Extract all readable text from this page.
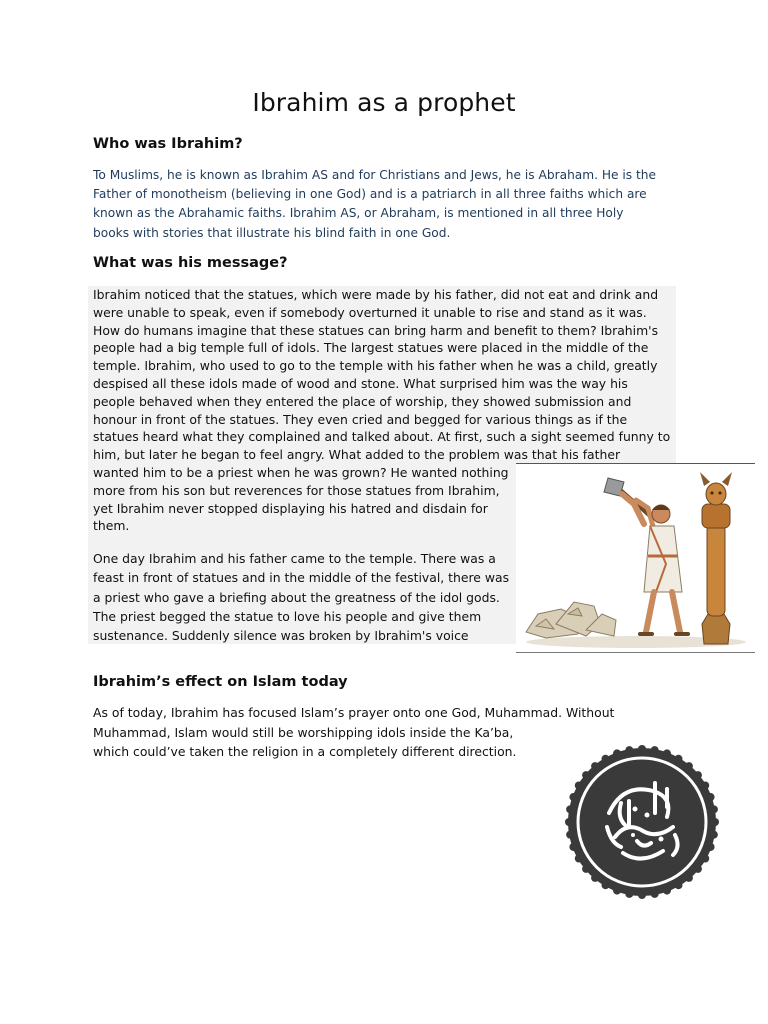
Ibrahim as a prophet
Who was Ibrahim?

To Muslims, he is known as Ibrahim AS and for Christians and Jews, he is Abraham. He is the
Father of monotheism (believing in one God) and is a patriarch in all three faiths which are
known as the Abrahamic faiths. Ibrahim AS, or Abraham, is mentioned in all three Holy
books with stories that illustrate his blind faith in one God.

What was his message?

Ibrahim noticed that the statues, which were made by his father, did not eat and drink and
were unable to speak, even if somebody overturned it unable to rise and stand as it was.
How do humans imagine that these statues can bring harm and benefit to them? Ibrahim's
people had a big temple full of idols. The largest statues were placed in the middle of the
temple. Ibrahim, who used to go to the temple with his father when he was a child, greatly
despised all these idols made of wood and stone. What surprised him was the way his
people behaved when they entered the place of worship, they showed submission and
honour in front of the statues. They even cried and begged for various things as if the
statues heard what they complained and talked about. At first, such a sight seemed funny to
him, but later he began to feel angry. What added to the problem was that his father
wanted him to be a priest when he was grown? He wanted nothing
more from his son but reverences for those statues from Ibrahim,
yet Ibrahim never stopped displaying his hatred and disdain for
them.

One day Ibrahim and his father came to the temple. There was a
feast in front of statues and in the middle of the festival, there was
a priest who gave a briefing about the greatness of the idol gods.
The priest begged the statue to love his people and give them
sustenance. Suddenly silence was broken by Ibrahim's voice

Ibrahim’s effect on Islam today

As of today, Ibrahim has focused Islam’s prayer onto one God, Muhammad. Without
Muhammad, Islam would still be worshipping idols inside the Ka’ba,
which could’ve taken the religion in a completely different direction.
